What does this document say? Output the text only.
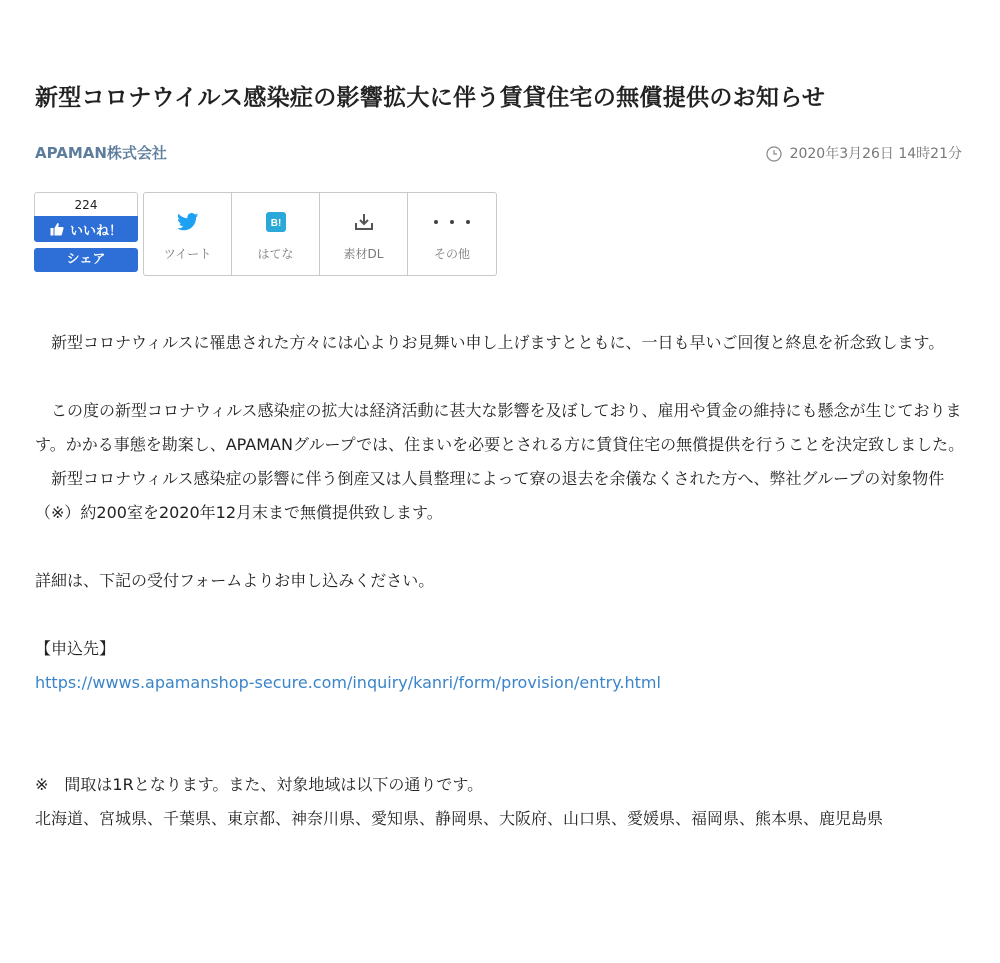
新型コロナウイルス感染症の影響拡大に伴う賃貸住宅の無償提供のお知らせ
APAMAN株式会社	2020年3月26日 14時21分
224
いいね！
シェア	ツイート
B!
はてな	素材DL	その他

　新型コロナウィルスに罹患された方々には心よりお見舞い申し上げますとともに、一日も早いご回復と終息を祈念致します。

　この度の新型コロナウィルス感染症の拡大は経済活動に甚大な影響を及ぼしており、雇用や賃金の維持にも懸念が生じております。かかる事態を勘案し、APAMANグループでは、住まいを必要とされる方に賃貸住宅の無償提供を行うことを決定致しました。

　新型コロナウィルス感染症の影響に伴う倒産又は人員整理によって寮の退去を余儀なくされた方へ、弊社グループの対象物件（※）約200室を2020年12月末まで無償提供致します。

詳細は、下記の受付フォームよりお申し込みください。

【申込先】

https://wwws.apamanshop-secure.com/inquiry/kanri/form/provision/entry.html

※　間取は1Rとなります。また、対象地域は以下の通りです。

北海道、宮城県、千葉県、東京都、神奈川県、愛知県、静岡県、大阪府、山口県、愛媛県、福岡県、熊本県、鹿児島県
